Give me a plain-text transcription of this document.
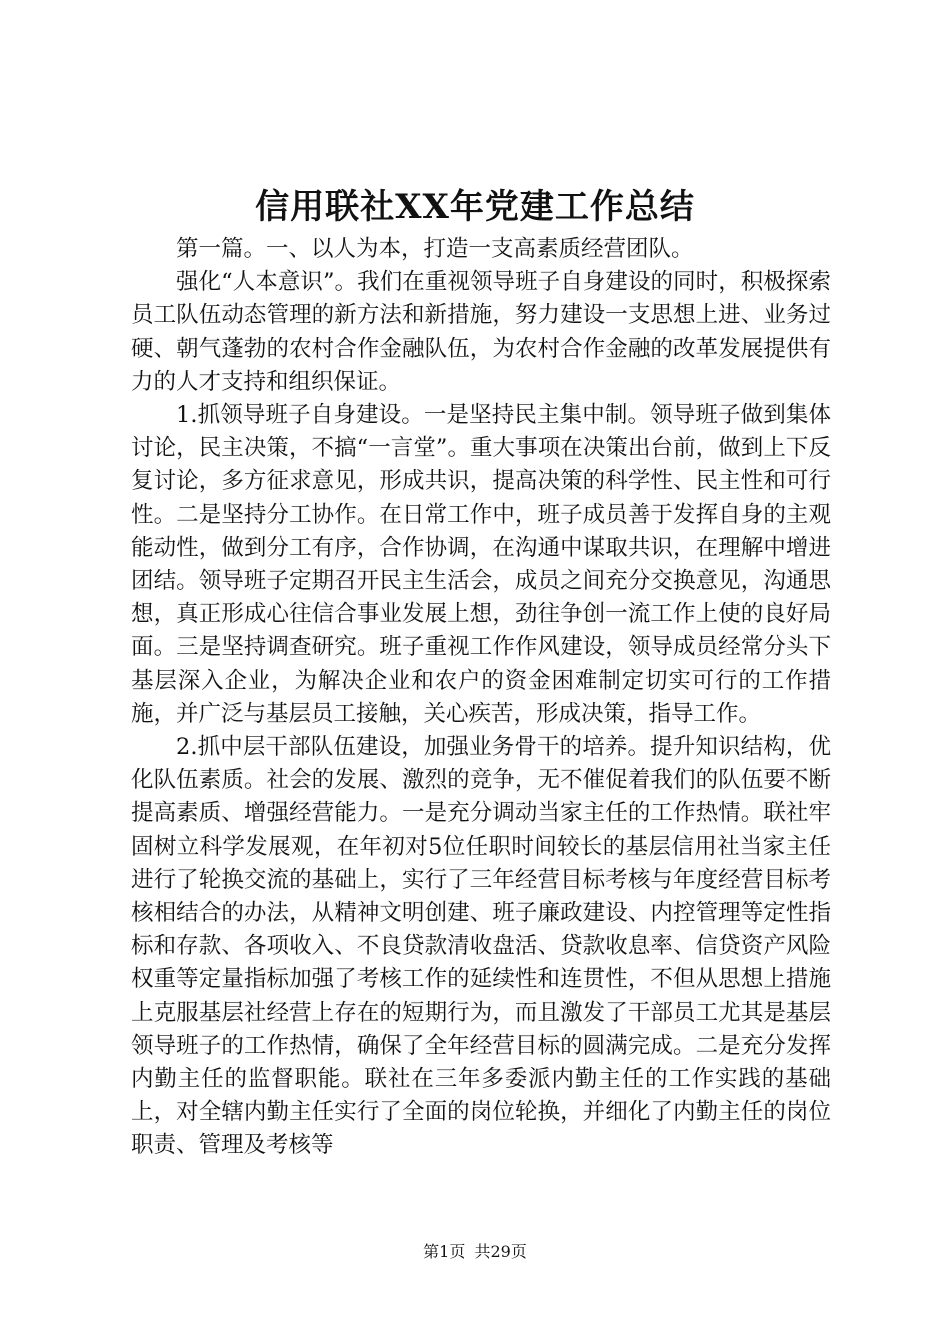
信用联社XX年党建工作总结

第一篇。一、以人为本，打造一支高素质经营团队。

强化“人本意识”。我们在重视领导班子自身建设的同时，积极探索员工队伍动态管理的新方法和新措施，努力建设一支思想上进、业务过硬、朝气蓬勃的农村合作金融队伍，为农村合作金融的改革发展提供有力的人才支持和组织保证。

1.抓领导班子自身建设。一是坚持民主集中制。领导班子做到集体讨论，民主决策，不搞“一言堂”。重大事项在决策出台前，做到上下反复讨论，多方征求意见，形成共识，提高决策的科学性、民主性和可行性。二是坚持分工协作。在日常工作中，班子成员善于发挥自身的主观能动性，做到分工有序，合作协调，在沟通中谋取共识，在理解中增进团结。领导班子定期召开民主生活会，成员之间充分交换意见，沟通思想，真正形成心往信合事业发展上想，劲往争创一流工作上使的良好局面。三是坚持调查研究。班子重视工作作风建设，领导成员经常分头下基层深入企业，为解决企业和农户的资金困难制定切实可行的工作措施，并广泛与基层员工接触，关心疾苦，形成决策，指导工作。

2.抓中层干部队伍建设，加强业务骨干的培养。提升知识结构，优化队伍素质。社会的发展、激烈的竞争，无不催促着我们的队伍要不断提高素质、增强经营能力。一是充分调动当家主任的工作热情。联社牢固树立科学发展观，在年初对5位任职时间较长的基层信用社当家主任进行了轮换交流的基础上，实行了三年经营目标考核与年度经营目标考核相结合的办法，从精神文明创建、班子廉政建设、内控管理等定性指标和存款、各项收入、不良贷款清收盘活、贷款收息率、信贷资产风险权重等定量指标加强了考核工作的延续性和连贯性，不但从思想上措施上克服基层社经营上存在的短期行为，而且激发了干部员工尤其是基层领导班子的工作热情，确保了全年经营目标的圆满完成。二是充分发挥内勤主任的监督职能。联社在三年多委派内勤主任的工作实践的基础上，对全辖内勤主任实行了全面的岗位轮换，并细化了内勤主任的岗位职责、管理及考核等

第1页 共29页
